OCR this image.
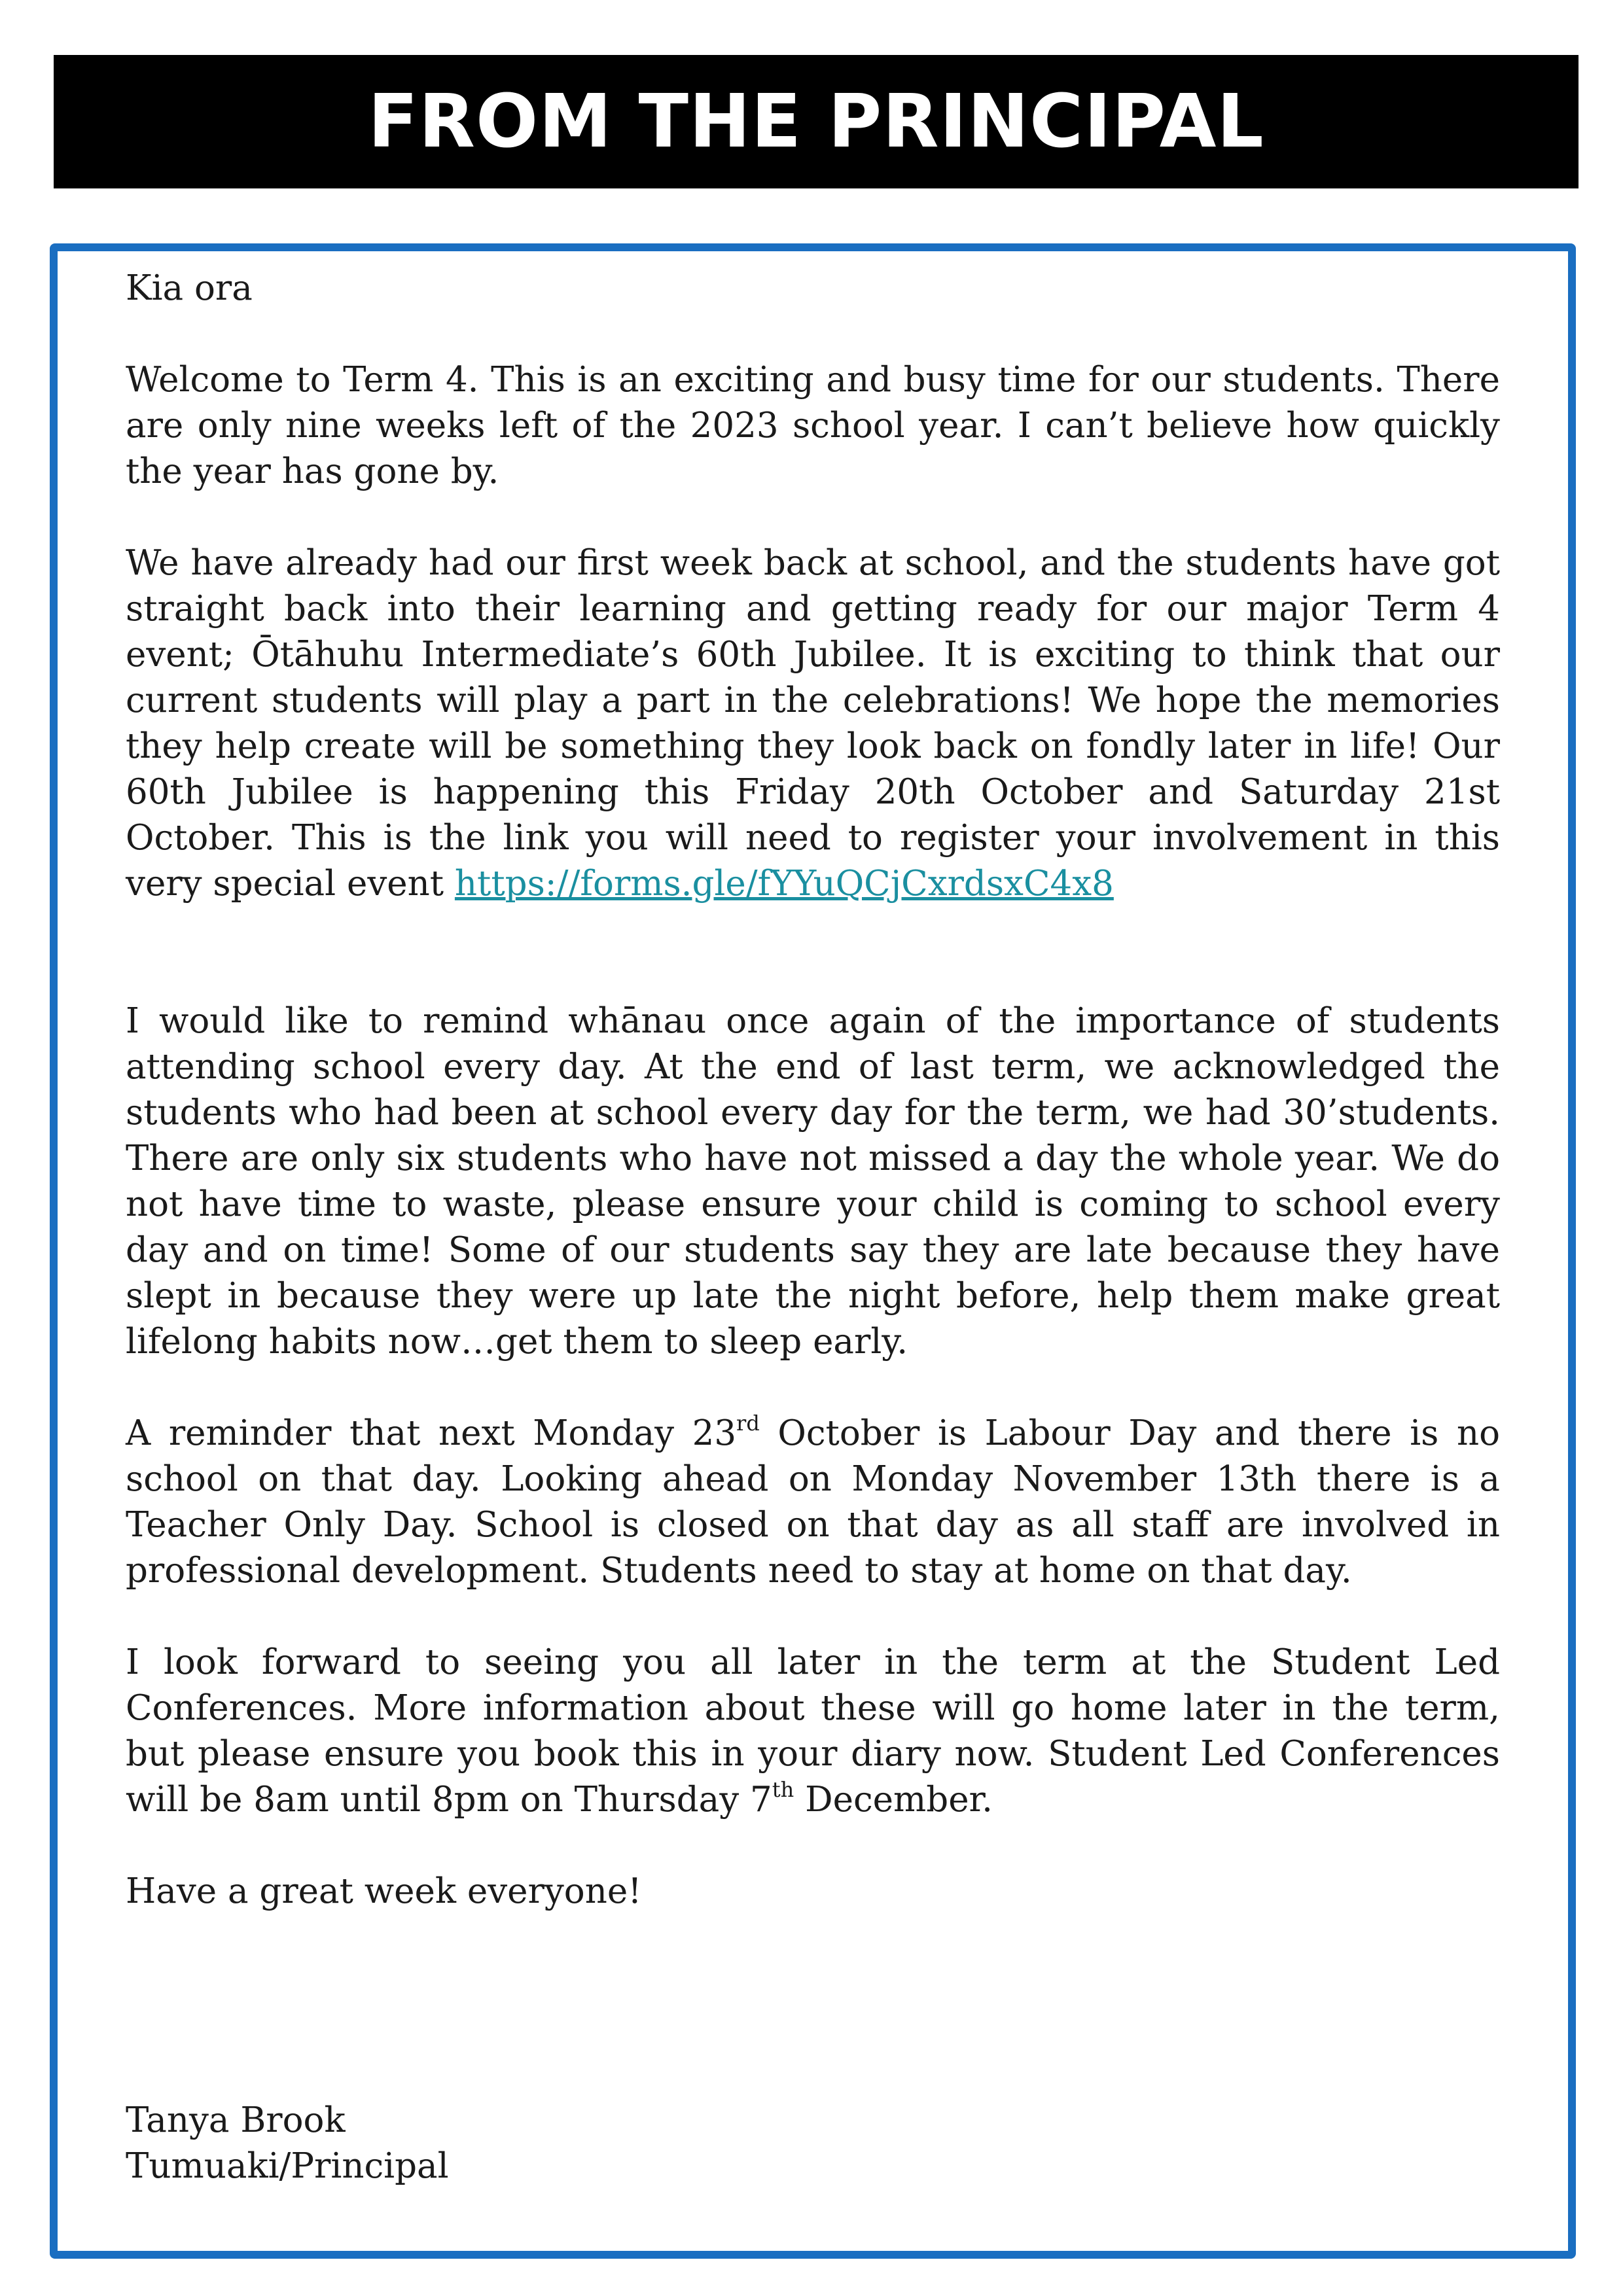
FROM THE PRINCIPAL

Kia ora

Welcome to Term 4. This is an exciting and busy time for our students. There are only nine weeks left of the 2023 school year. I can’t believe how quickly the year has gone by.

We have already had our first week back at school, and the students have got straight back into their learning and getting ready for our major Term 4 event; Ōtāhuhu Intermediate’s 60th Jubilee. It is exciting to think that our current students will play a part in the celebrations! We hope the memories they help create will be something they look back on fondly later in life! Our 60th Jubilee is happening this Friday 20th October and Saturday 21st October. This is the link you will need to register your involvement in this very special event https://forms.gle/fYYuQCjCxrdsxC4x8

I would like to remind whānau once again of the importance of students attending school every day. At the end of last term, we acknowledged the students who had been at school every day for the term, we had 30’students. There are only six students who have not missed a day the whole year. We do not have time to waste, please ensure your child is coming to school every day and on time! Some of our students say they are late because they have slept in because they were up late the night before, help them make great lifelong habits now…get them to sleep early.

A reminder that next Monday 23rd October is Labour Day and there is no school on that day. Looking ahead on Monday November 13th there is a Teacher Only Day. School is closed on that day as all staff are involved in professional development. Students need to stay at home on that day.

I look forward to seeing you all later in the term at the Student Led Conferences. More information about these will go home later in the term, but please ensure you book this in your diary now. Student Led Conferences will be 8am until 8pm on Thursday 7th December.

Have a great week everyone!

Tanya Brook

Tumuaki/Principal
